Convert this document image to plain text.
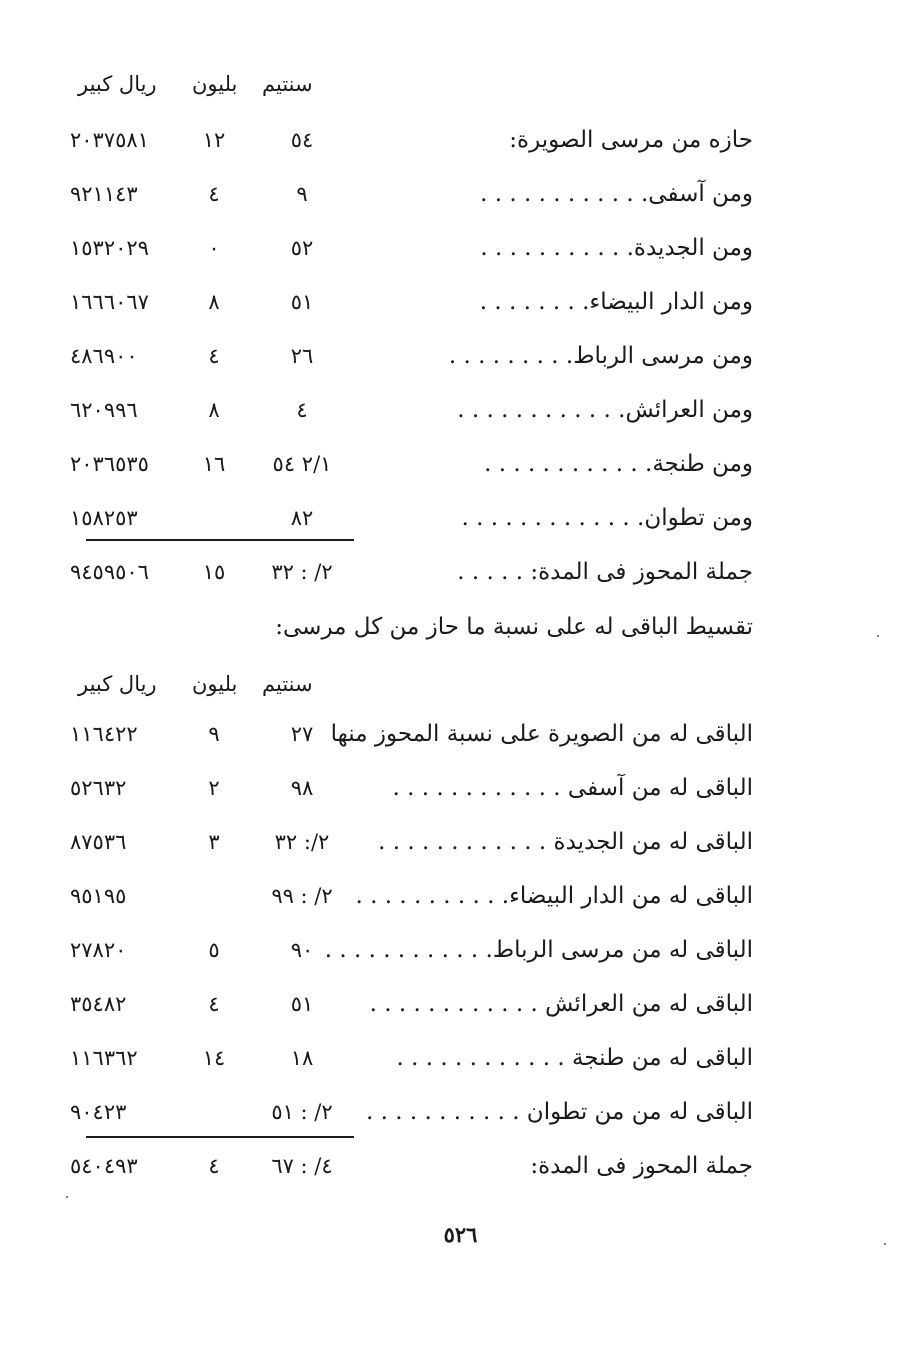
سنتيم
بليون
ريال كبير
حازه من مرسى الصويرة:
٥٤
١٢
٢٠٣٧٥٨١
ومن آسفى. . . . . . . . . . . .
٩
٤
٩٢١١٤٣
ومن الجديدة. . . . . . . . . . .
٥٢
٠
١٥٣٢٠٢٩
ومن الدار البيضاء. . . . . . . .
٥١
٨
١٦٦٦٠٦٧
ومن مرسى الرباط. . . . . . . . .
٢٦
٤
٤٨٦٩٠٠
ومن العرائش. . . . . . . . . . . .
٤
٨
٦٢٠٩٩٦
ومن طنجة. . . . . . . . . . . .
٢/١ ٥٤
١٦
٢٠٣٦٥٣٥
ومن تطوان. . . . . . . . . . . . .
٨٢
١٥٨٢٥٣
جملة المحوز فى المدة: . . . . .
٢/ : ٣٢
١٥
٩٤٥٩٥٠٦
تقسيط الباقى له على نسبة ما حاز من كل مرسى:
سنتيم
بليون
ريال كبير
الباقى له من الصويرة على نسبة المحوز منها
٢٧
٩
١١٦٤٢٢
الباقى له من آسفى . . . . . . . . . . . .
٩٨
٢
٥٢٦٣٢
الباقى له من الجديدة . . . . . . . . . . . .
٢/: ٣٢
٣
٨٧٥٣٦
الباقى له من الدار البيضاء. . . . . . . . . . .
٢/ : ٩٩
٩٥١٩٥
الباقى له من مرسى الرباط. . . . . . . . . . . .
٩٠
٥
٢٧٨٢٠
الباقى له من العرائش . . . . . . . . . . . .
٥١
٤
٣٥٤٨٢
الباقى له من طنجة . . . . . . . . . . . .
١٨
١٤
١١٦٣٦٢
الباقى له من من تطوان . . . . . . . . . . .
٢/ : ٥١
٩٠٤٢٣
جملة المحوز فى المدة:
٤/ : ٦٧
٤
٥٤٠٤٩٣
٥٢٦
